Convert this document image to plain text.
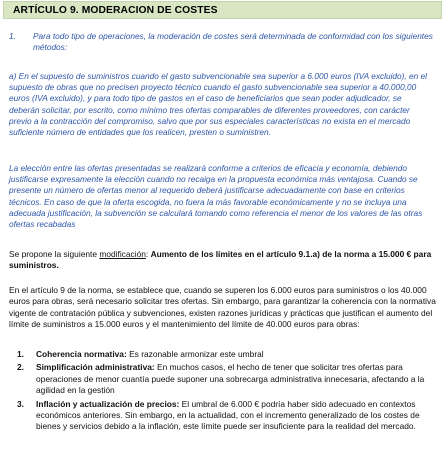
ARTÍCULO 9. MODERACION DE COSTES
1.	Para todo tipo de operaciones, la moderación de costes será determinada de conformidad con los siguientes métodos:
a) En el supuesto de suministros cuando el gasto subvencionable sea superior a 6.000 euros (IVA excluido), en el supuesto de obras que no precisen proyecto técnico cuando el gasto subvencionable sea superior a 40.000,00 euros (IVA excluido), y para todo tipo de gastos en el caso de beneficiarios que sean poder adjudicador, se deberán solicitar, por escrito, como mínimo tres ofertas comparables de diferentes proveedores, con carácter previo a la contracción del compromiso, salvo que por sus especiales características no exista en el mercado suficiente número de entidades que los realicen, presten o suministren.
La elección entre las ofertas presentadas se realizará conforme a criterios de eficacia y economía, debiendo justificarse expresamente la elección cuando no recaiga en la propuesta económica más ventajosa. Cuando se presente un número de ofertas menor al requerido deberá justificarse adecuadamente con base en criterios técnicos. En caso de que la oferta escogida, no fuera la más favorable económicamente y no se incluya una adecuada justificación, la subvención se calculará tomando como referencia el menor de los valores de las otras ofertas recabadas
Se propone la siguiente modificación: Aumento de los límites en el artículo 9.1.a) de la norma a 15.000 € para suministros.
En el artículo 9 de la norma, se establece que, cuando se superen los 6.000 euros para suministros o los 40.000 euros para obras, será necesario solicitar tres ofertas. Sin embargo, para garantizar la coherencia con la normativa vigente de contratación pública y subvenciones, existen razones jurídicas y prácticas que justifican el aumento del límite de suministros a 15.000 euros y el mantenimiento del límite de 40.000 euros para obras:
1. Coherencia normativa: Es razonable armonizar este umbral
2. Simplificación administrativa: En muchos casos, el hecho de tener que solicitar tres ofertas para operaciones de menor cuantía puede suponer una sobrecarga administrativa innecesaria, afectando a la agilidad en la gestión
3. Inflación y actualización de precios: El umbral de 6.000 € podría haber sido adecuado en contextos económicos anteriores. Sin embargo, en la actualidad, con el incremento generalizado de los costes de bienes y servicios debido a la inflación, este límite puede ser insuficiente para la realidad del mercado.
